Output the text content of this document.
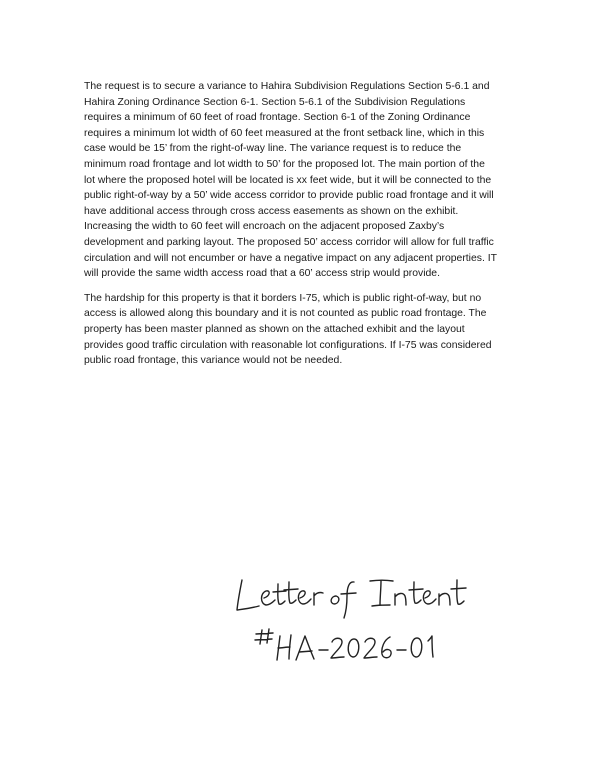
The request is to secure a variance to Hahira Subdivision Regulations Section 5-6.1 and
Hahira Zoning Ordinance Section 6-1. Section 5-6.1 of the Subdivision Regulations
requires a minimum of 60 feet of road frontage. Section 6-1 of the Zoning Ordinance
requires a minimum lot width of 60 feet measured at the front setback line, which in this
case would be 15’ from the right-of-way line. The variance request is to reduce the
minimum road frontage and lot width to 50’ for the proposed lot. The main portion of the
lot where the proposed hotel will be located is xx feet wide, but it will be connected to the
public right-of-way by a 50’ wide access corridor to provide public road frontage and it will
have additional access through cross access easements as shown on the exhibit.
Increasing the width to 60 feet will encroach on the adjacent proposed Zaxby’s
development and parking layout. The proposed 50’ access corridor will allow for full traffic
circulation and will not encumber or have a negative impact on any adjacent properties. IT
will provide the same width access road that a 60’ access strip would provide.

The hardship for this property is that it borders I-75, which is public right-of-way, but no
access is allowed along this boundary and it is not counted as public road frontage. The
property has been master planned as shown on the attached exhibit and the layout
provides good traffic circulation with reasonable lot configurations. If I-75 was considered
public road frontage, this variance would not be needed.
